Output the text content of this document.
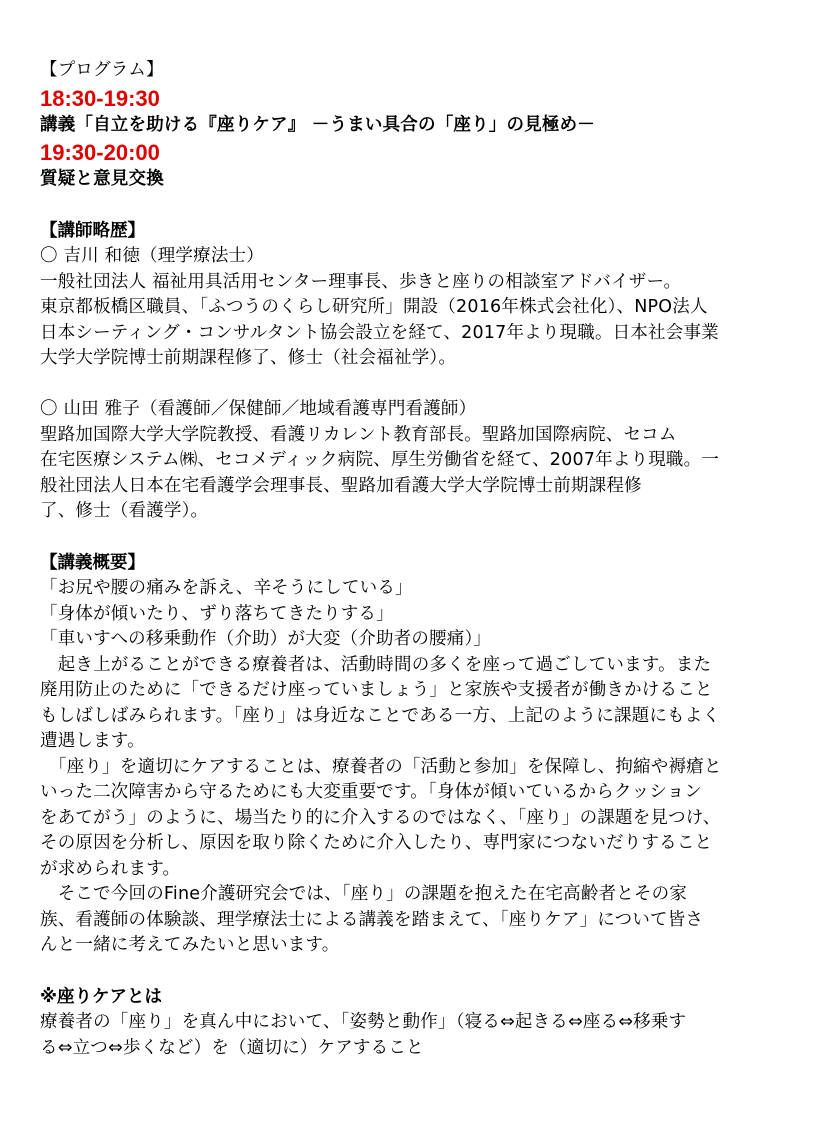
【プログラム】
18:30-19:30
講義「自立を助ける『座りケア』 －うまい具合の「座り」の見極め－
19:30-20:00
質疑と意見交換
【講師略歴】
〇 吉川 和徳（理学療法士）
一般社団法人 福祉用具活用センター理事長、歩きと座りの相談室アドバイザー。
東京都板橋区職員、「ふつうのくらし研究所」開設（2016年株式会社化）、NPO法人
日本シーティング・コンサルタント協会設立を経て、2017年より現職。日本社会事業
大学大学院博士前期課程修了、修士（社会福祉学）。
〇 山田 雅子（看護師／保健師／地域看護専門看護師）
聖路加国際大学大学院教授、看護リカレント教育部長。聖路加国際病院、セコム
在宅医療システム㈱、セコメディック病院、厚生労働省を経て、2007年より現職。一
般社団法人日本在宅看護学会理事長、聖路加看護大学大学院博士前期課程修
了、修士（看護学）。
【講義概要】
「お尻や腰の痛みを訴え、辛そうにしている」
「身体が傾いたり、ずり落ちてきたりする」
「車いすへの移乗動作（介助）が大変（介助者の腰痛）」
　起き上がることができる療養者は、活動時間の多くを座って過ごしています。また
廃用防止のために「できるだけ座っていましょう」と家族や支援者が働きかけること
もしばしばみられます。「座り」は身近なことである一方、上記のように課題にもよく
遭遇します。
　「座り」を適切にケアすることは、療養者の「活動と参加」を保障し、拘縮や褥瘡と
いった二次障害から守るためにも大変重要です。「身体が傾いているからクッション
をあてがう」のように、場当たり的に介入するのではなく、「座り」の課題を見つけ、
その原因を分析し、原因を取り除くために介入したり、専門家につないだりすること
が求められます。
　そこで今回のFine介護研究会では、「座り」の課題を抱えた在宅高齢者とその家
族、看護師の体験談、理学療法士による講義を踏まえて、「座りケア」について皆さ
んと一緒に考えてみたいと思います。
※座りケアとは
療養者の「座り」を真ん中において、「姿勢と動作」（寝る⇔起きる⇔座る⇔移乗す
る⇔立つ⇔歩くなど）を（適切に）ケアすること
